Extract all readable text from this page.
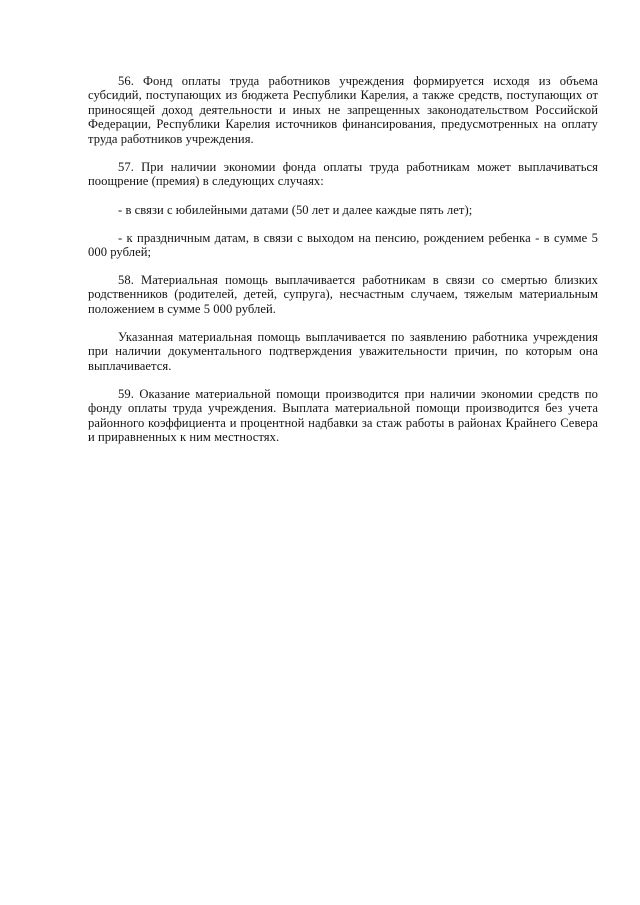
56. Фонд оплаты труда работников учреждения формируется исходя из объема субсидий, поступающих из бюджета Республики Карелия, а также средств, поступающих от приносящей доход деятельности и иных не запрещенных законодательством Российской Федерации, Республики Карелия источников финансирования, предусмотренных на оплату труда работников учреждения.

57. При наличии экономии фонда оплаты труда работникам может выплачиваться поощрение (премия) в следующих случаях:

- в связи с юбилейными датами (50 лет и далее каждые пять лет);

- к праздничным датам, в связи с выходом на пенсию, рождением ребенка - в сумме 5 000 рублей;

58. Материальная помощь выплачивается работникам в связи со смертью близких родственников (родителей, детей, супруга), несчастным случаем, тяжелым материальным положением в сумме 5 000 рублей.

Указанная материальная помощь выплачивается по заявлению работника учреждения при наличии документального подтверждения уважительности причин, по которым она выплачивается.

59. Оказание материальной помощи производится при наличии экономии средств по фонду оплаты труда учреждения. Выплата материальной помощи производится без учета районного коэффициента и процентной надбавки за стаж работы в районах Крайнего Севера и приравненных к ним местностях.
